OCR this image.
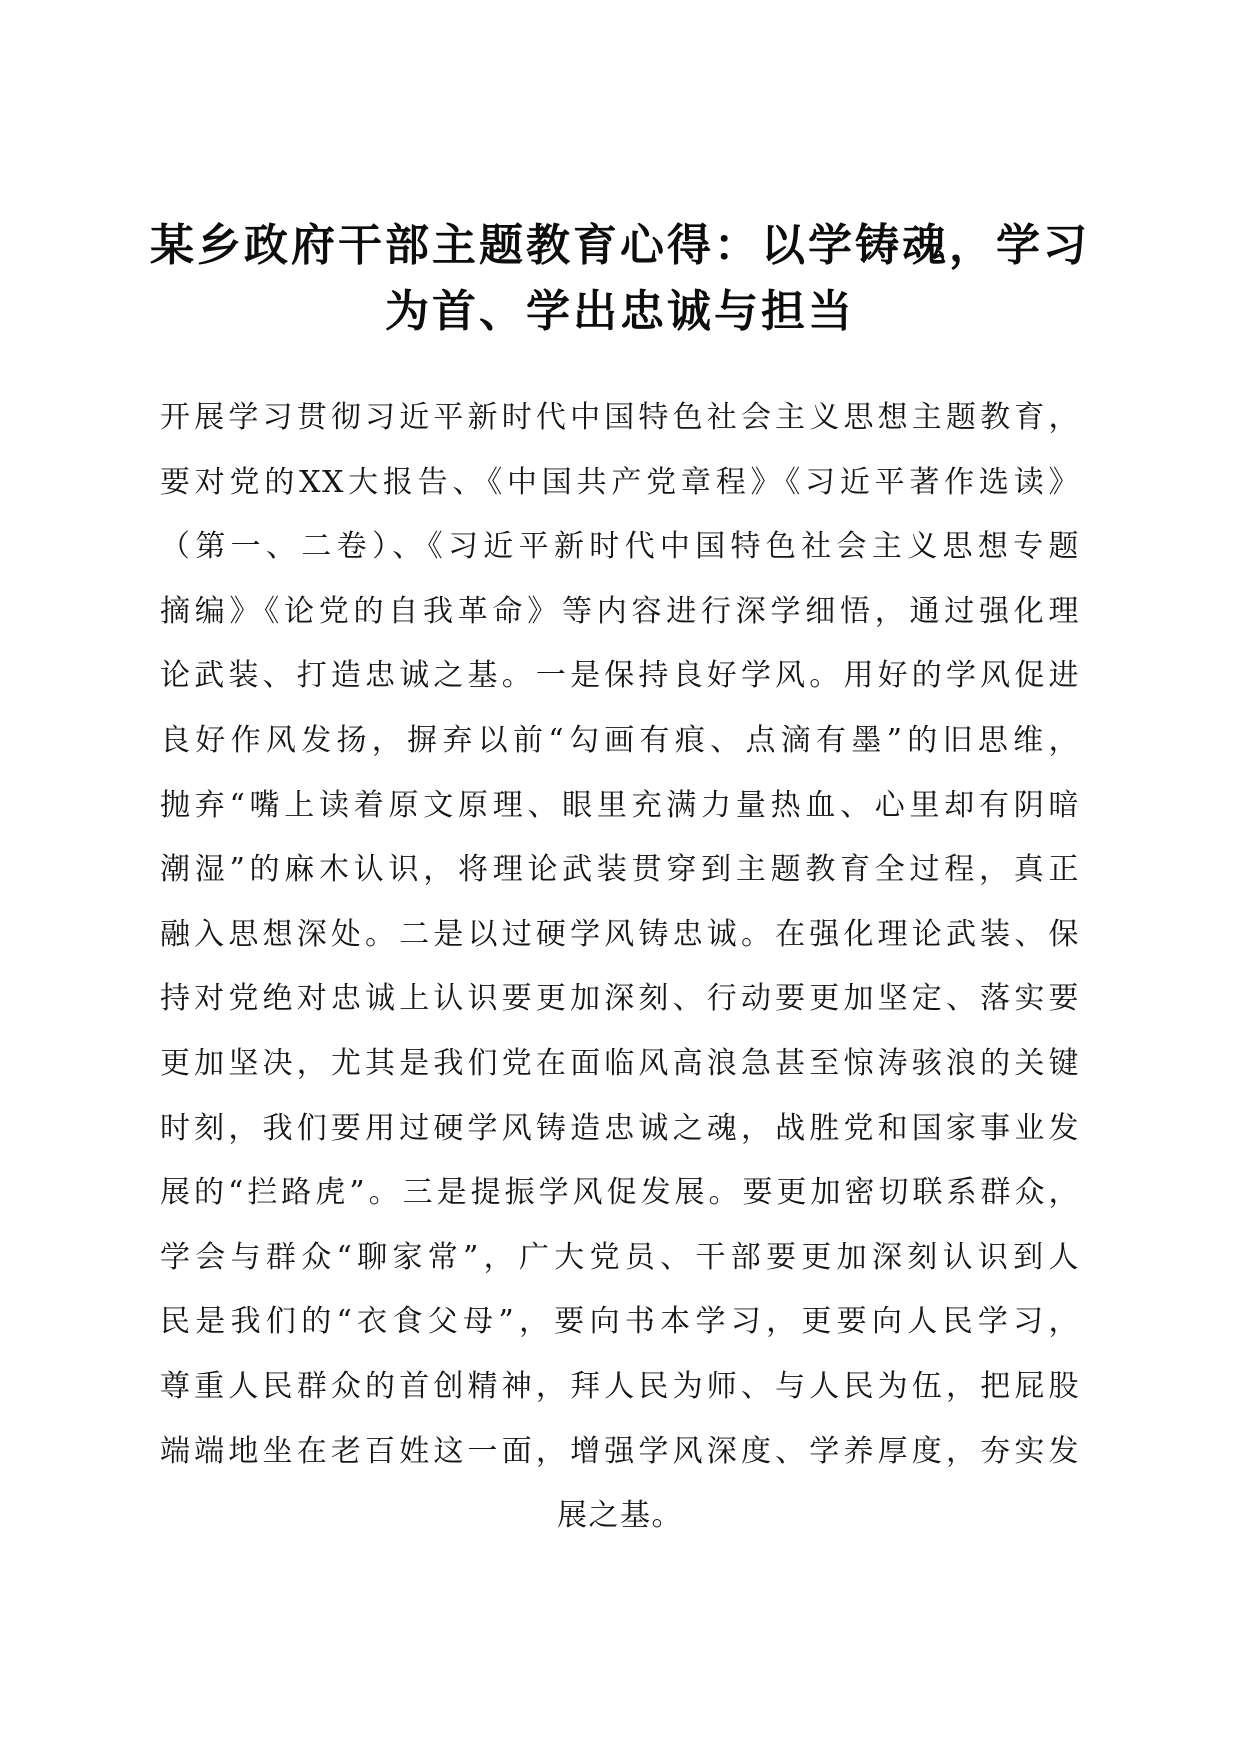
某乡政府干部主题教育心得：以学铸魂，学习
为首、学出忠诚与担当
开展学习贯彻习近平新时代中国特色社会主义思想主题教育，
要对党的XX大报告、《中国共产党章程》《习近平著作选读》
（第一、二卷）、《习近平新时代中国特色社会主义思想专题
摘编》《论党的自我革命》等内容进行深学细悟，通过强化理
论武装、打造忠诚之基。一是保持良好学风。用好的学风促进
良好作风发扬，摒弃以前“勾画有痕、点滴有墨”的旧思维，
抛弃“嘴上读着原文原理、眼里充满力量热血、心里却有阴暗
潮湿”的麻木认识，将理论武装贯穿到主题教育全过程，真正
融入思想深处。二是以过硬学风铸忠诚。在强化理论武装、保
持对党绝对忠诚上认识要更加深刻、行动要更加坚定、落实要
更加坚决，尤其是我们党在面临风高浪急甚至惊涛骇浪的关键
时刻，我们要用过硬学风铸造忠诚之魂，战胜党和国家事业发
展的“拦路虎”。三是提振学风促发展。要更加密切联系群众，
学会与群众“聊家常”，广大党员、干部要更加深刻认识到人
民是我们的“衣食父母”，要向书本学习，更要向人民学习，
尊重人民群众的首创精神，拜人民为师、与人民为伍，把屁股
端端地坐在老百姓这一面，增强学风深度、学养厚度，夯实发
展之基。
